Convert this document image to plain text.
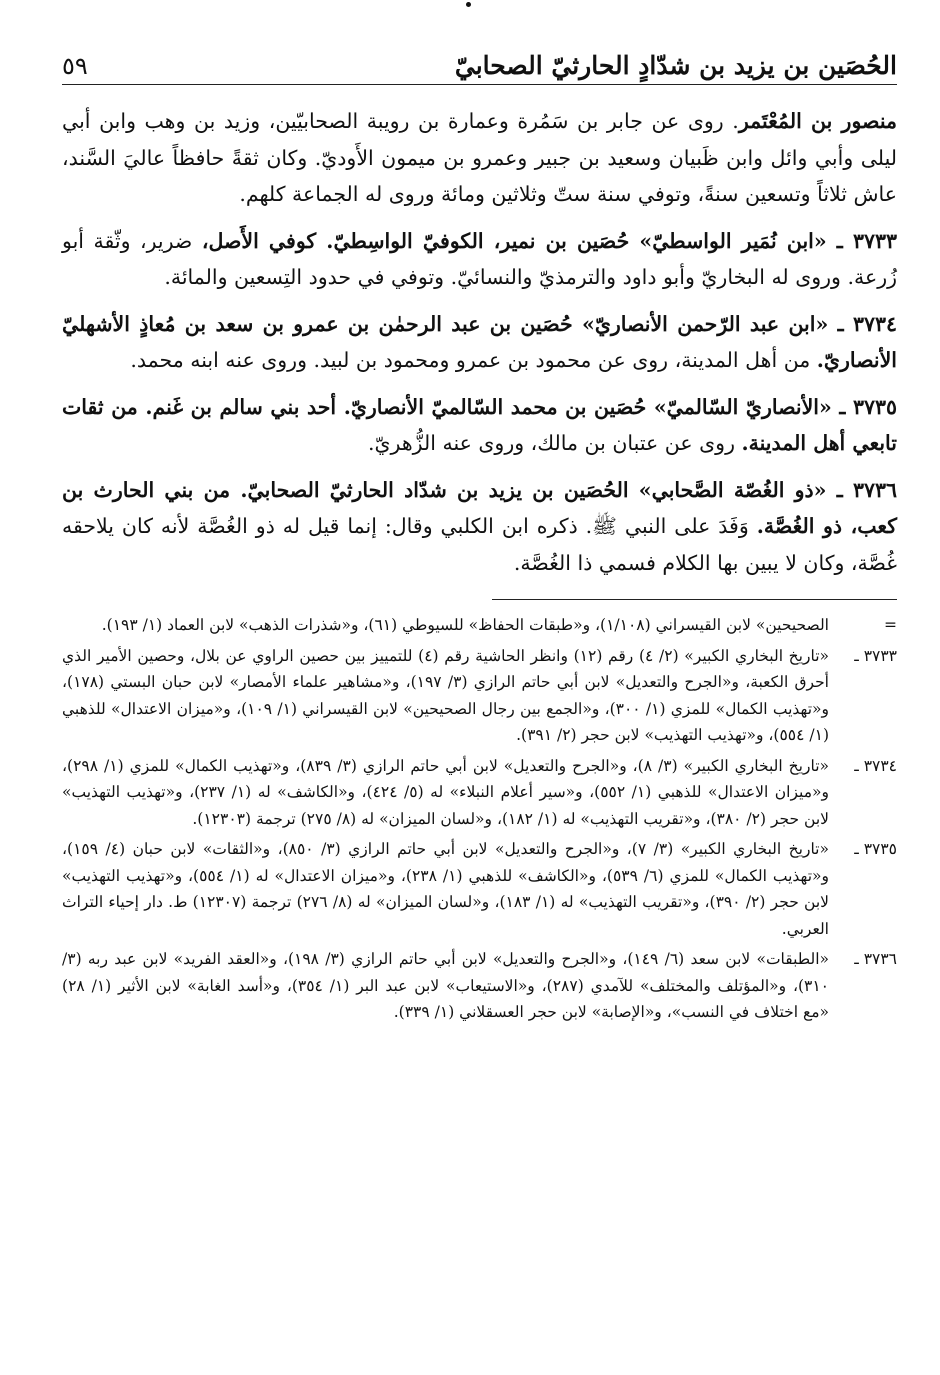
الحُصَين بن يزيد بن شدّادٍ الحارثيّ الصحابيّ
٥٩

منصور بن المُعْتَمر. روى عن جابر بن سَمُرة وعمارة بن رويبة الصحابيّين، وزيد بن وهب وابن أبي ليلى وأبي وائل وابن ظَبيان وسعيد بن جبير وعمرو بن ميمون الأَوديّ. وكان ثقةً حافظاً عاليَ السَّند، عاش ثلاثاً وتسعين سنةً، وتوفي سنة ستّ وثلاثين ومائة وروى له الجماعة كلهم.

٣٧٣٣ ـ «ابن نُمَير الواسطيّ» حُصَين بن نمير، الكوفيّ الواسِطيّ. كوفي الأَصل، ضرير، وثّقة أبو زُرعة. وروى له البخاريّ وأبو داود والترمذيّ والنسائيّ. وتوفي في حدود التِسعين والمائة.

٣٧٣٤ ـ «ابن عبد الرّحمن الأنصاريّ» حُصَين بن عبد الرحمٰن بن عمرو بن سعد بن مُعاذٍ الأشهليّ الأنصاريّ. من أهل المدينة، روى عن محمود بن عمرو ومحمود بن لبيد. وروى عنه ابنه محمد.

٣٧٣٥ ـ «الأنصاريّ السّالميّ» حُصَين بن محمد السّالميّ الأنصاريّ. أحد بني سالم بن غَنم. من ثقات تابعي أهل المدينة. روى عن عتبان بن مالك، وروى عنه الزُّهريّ.

٣٧٣٦ ـ «ذو الغُصّة الصَّحابي» الحُصَين بن يزيد بن شدّاد الحارثيّ الصحابيّ. من بني الحارث بن كعب، ذو الغُصَّة. وَفَدَ على النبي ﷺ. ذكره ابن الكلبي وقال: إنما قيل له ذو الغُصَّة لأنه كان يلاحقه غُصَّة، وكان لا يبين بها الكلام فسمي ذا الغُصَّة.

=
الصحيحين» لابن القيسراني (١/١٠٨)، و«طبقات الحفاظ» للسيوطي (٦١)، و«شذرات الذهب» لابن العماد (١/ ١٩٣).
٣٧٣٣ ـ
«تاريخ البخاري الكبير» (٢/ ٤) رقم (١٢) وانظر الحاشية رقم (٤) للتمييز بين حصين الراوي عن بلال، وحصين الأمير الذي أحرق الكعبة، و«الجرح والتعديل» لابن أبي حاتم الرازي (٣/ ١٩٧)، و«مشاهير علماء الأمصار» لابن حبان البستي (١٧٨)، و«تهذيب الكمال» للمزي (١/ ٣٠٠)، و«الجمع بين رجال الصحيحين» لابن القيسراني (١/ ١٠٩)، و«ميزان الاعتدال» للذهبي (١/ ٥٥٤)، و«تهذيب التهذيب» لابن حجر (٢/ ٣٩١).
٣٧٣٤ ـ
«تاريخ البخاري الكبير» (٣/ ٨)، و«الجرح والتعديل» لابن أبي حاتم الرازي (٣/ ٨٣٩)، و«تهذيب الكمال» للمزي (١/ ٢٩٨)، و«ميزان الاعتدال» للذهبي (١/ ٥٥٢)، و«سير أعلام النبلاء» له (٥/ ٤٢٤)، و«الكاشف» له (١/ ٢٣٧)، و«تهذيب التهذيب» لابن حجر (٢/ ٣٨٠)، و«تقريب التهذيب» له (١/ ١٨٢)، و«لسان الميزان» له (٨/ ٢٧٥) ترجمة (١٢٣٠٣).
٣٧٣٥ ـ
«تاريخ البخاري الكبير» (٣/ ٧)، و«الجرح والتعديل» لابن أبي حاتم الرازي (٣/ ٨٥٠)، و«الثقات» لابن حبان (٤/ ١٥٩)، و«تهذيب الكمال» للمزي (٦/ ٥٣٩)، و«الكاشف» للذهبي (١/ ٢٣٨)، و«ميزان الاعتدال» له (١/ ٥٥٤)، و«تهذيب التهذيب» لابن حجر (٢/ ٣٩٠)، و«تقريب التهذيب» له (١/ ١٨٣)، و«لسان الميزان» له (٨/ ٢٧٦) ترجمة (١٢٣٠٧) ط. دار إحياء التراث العربي.
٣٧٣٦ ـ
«الطبقات» لابن سعد (٦/ ١٤٩)، و«الجرح والتعديل» لابن أبي حاتم الرازي (٣/ ١٩٨)، و«العقد الفريد» لابن عبد ربه (٣/ ٣١٠)، و«المؤتلف والمختلف» للآمدي (٢٨٧)، و«الاستيعاب» لابن عبد البر (١/ ٣٥٤)، و«أسد الغابة» لابن الأثير (١/ ٢٨) «مع اختلاف في النسب»، و«الإصابة» لابن حجر العسقلاني (١/ ٣٣٩).
